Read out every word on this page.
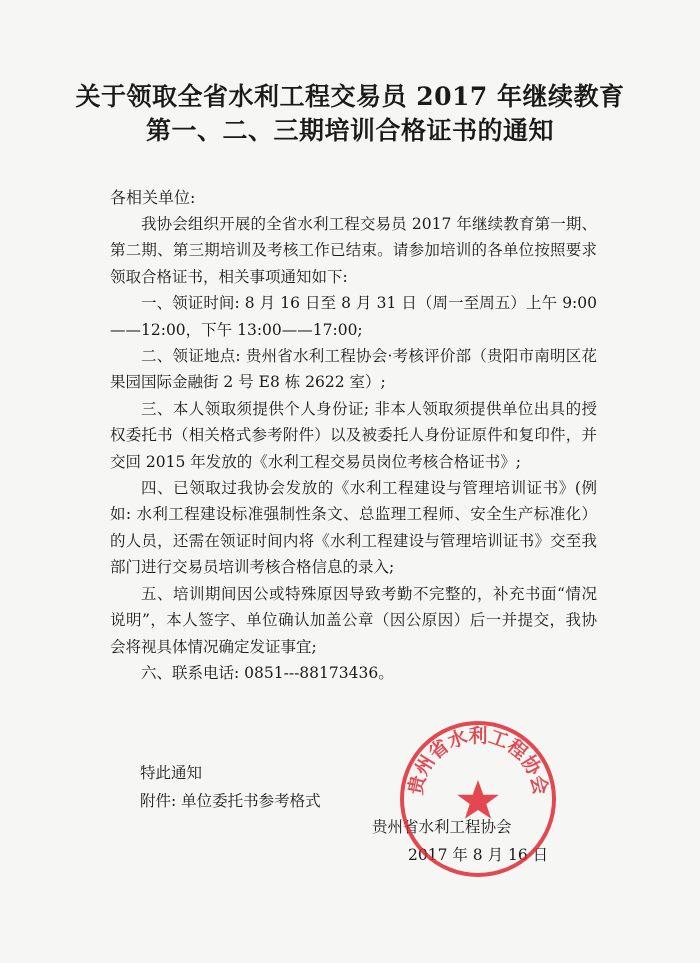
关于领取全省水利工程交易员 2017 年继续教育
第一、二、三期培训合格证书的通知
各相关单位:

我协会组织开展的全省水利工程交易员 2017 年继续教育第一期、第二期、第三期培训及考核工作已结束。请参加培训的各单位按照要求领取合格证书，相关事项通知如下:

一、领证时间: 8 月 16 日至 8 月 31 日（周一至周五）上午 9:00——12:00，下午 13:00——17:00;

二、领证地点: 贵州省水利工程协会·考核评价部（贵阳市南明区花果园国际金融街 2 号 E8 栋 2622 室）;

三、本人领取须提供个人身份证; 非本人领取须提供单位出具的授权委托书（相关格式参考附件）以及被委托人身份证原件和复印件，并交回 2015 年发放的《水利工程交易员岗位考核合格证书》;

四、已领取过我协会发放的《水利工程建设与管理培训证书》(例如: 水利工程建设标准强制性条文、总监理工程师、安全生产标准化）的人员，还需在领证时间内将《水利工程建设与管理培训证书》交至我部门进行交易员培训考核合格信息的录入;

五、培训期间因公或特殊原因导致考勤不完整的，补充书面“情况说明”，本人签字、单位确认加盖公章（因公原因）后一并提交，我协会将视具体情况确定发证事宜;

六、联系电话: 0851---88173436。

特此通知
附件: 单位委托书参考格式
贵州省水利工程协会
2017 年 8 月 16 日
贵州省水利工程协会
